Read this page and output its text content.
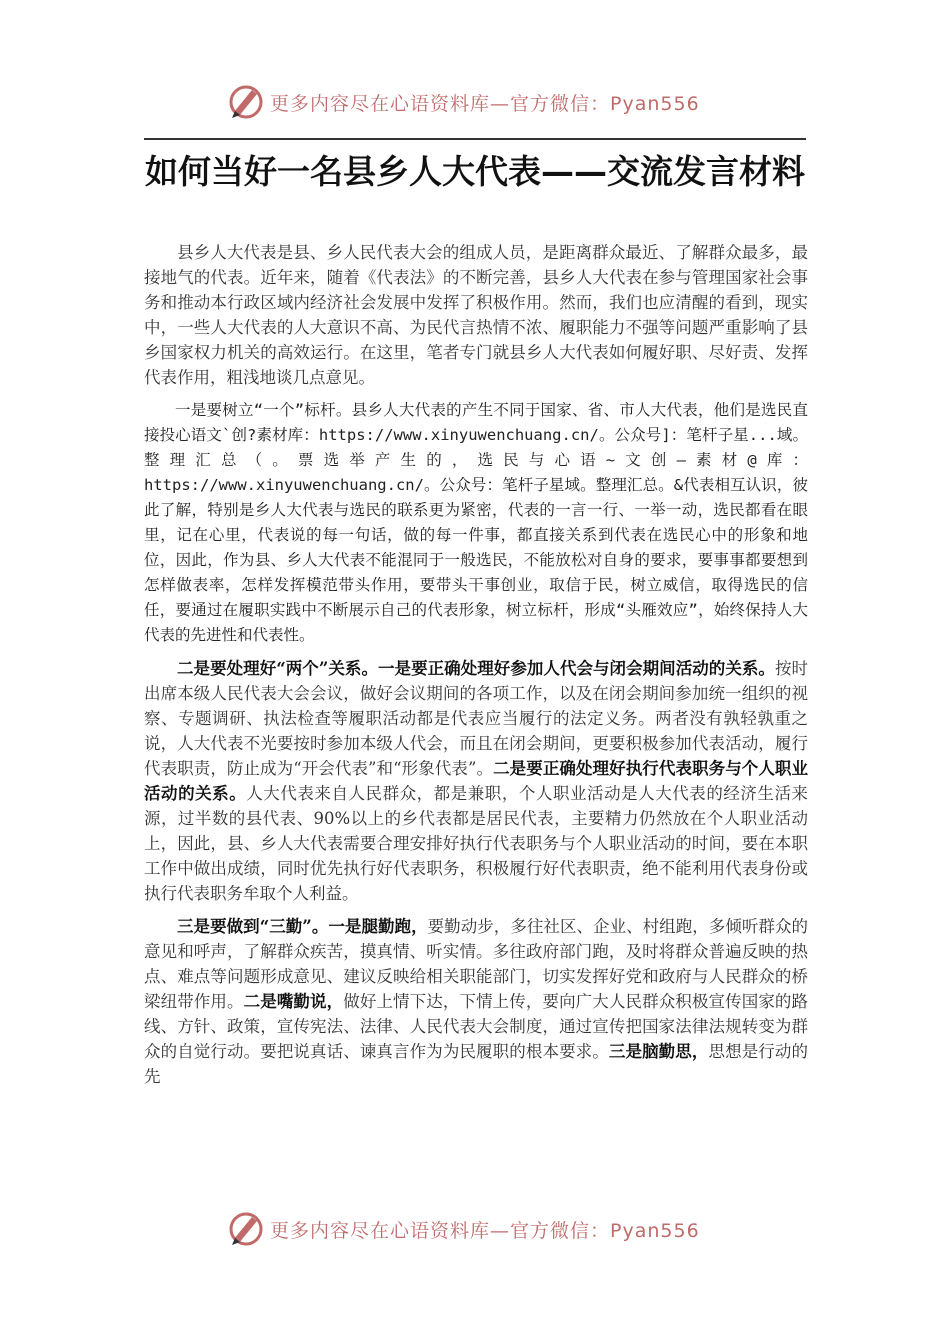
更多内容尽在心语资料库—官方微信：Pyan556
如何当好一名县乡人大代表——交流发言材料

县乡人大代表是县、乡人民代表大会的组成人员，是距离群众最近、了解群众最多，最接地气的代表。近年来，随着《代表法》的不断完善，县乡人大代表在参与管理国家社会事务和推动本行政区域内经济社会发展中发挥了积极作用。然而，我们也应清醒的看到，现实中，一些人大代表的人大意识不高、为民代言热情不浓、履职能力不强等问题严重影响了县乡国家权力机关的高效运行。在这里，笔者专门就县乡人大代表如何履好职、尽好责、发挥代表作用，粗浅地谈几点意见。

一是要树立“一个”标杆。县乡人大代表的产生不同于国家、省、市人大代表，他们是选民直接投心语文`创?素材库：https://www.xinyuwenchuang.cn/。公众号]：笔杆子星...域。整理汇总（。票选举产生的，选民与心语~文创—素材@库：https://www.xinyuwenchuang.cn/。公众号：笔杆子星域。整理汇总。&代表相互认识，彼此了解，特别是乡人大代表与选民的联系更为紧密，代表的一言一行、一举一动，选民都看在眼里，记在心里，代表说的每一句话，做的每一件事，都直接关系到代表在选民心中的形象和地位，因此，作为县、乡人大代表不能混同于一般选民，不能放松对自身的要求，要事事都要想到怎样做表率，怎样发挥模范带头作用，要带头干事创业，取信于民，树立威信，取得选民的信任，要通过在履职实践中不断展示自己的代表形象，树立标杆，形成“头雁效应”，始终保持人大代表的先进性和代表性。

二是要处理好“两个”关系。一是要正确处理好参加人代会与闭会期间活动的关系。按时出席本级人民代表大会会议，做好会议期间的各项工作，以及在闭会期间参加统一组织的视察、专题调研、执法检查等履职活动都是代表应当履行的法定义务。两者没有孰轻孰重之说，人大代表不光要按时参加本级人代会，而且在闭会期间，更要积极参加代表活动，履行代表职责，防止成为“开会代表”和“形象代表”。二是要正确处理好执行代表职务与个人职业活动的关系。人大代表来自人民群众，都是兼职，个人职业活动是人大代表的经济生活来源，过半数的县代表、90%以上的乡代表都是居民代表，主要精力仍然放在个人职业活动上，因此，县、乡人大代表需要合理安排好执行代表职务与个人职业活动的时间，要在本职工作中做出成绩，同时优先执行好代表职务，积极履行好代表职责，绝不能利用代表身份或执行代表职务牟取个人利益。

三是要做到“三勤”。一是腿勤跑，要勤动步，多往社区、企业、村组跑，多倾听群众的意见和呼声，了解群众疾苦，摸真情、听实情。多往政府部门跑，及时将群众普遍反映的热点、难点等问题形成意见、建议反映给相关职能部门，切实发挥好党和政府与人民群众的桥梁纽带作用。二是嘴勤说，做好上情下达，下情上传，要向广大人民群众积极宣传国家的路线、方针、政策，宣传宪法、法律、人民代表大会制度，通过宣传把国家法律法规转变为群众的自觉行动。要把说真话、谏真言作为为民履职的根本要求。三是脑勤思，思想是行动的先

更多内容尽在心语资料库—官方微信：Pyan556
